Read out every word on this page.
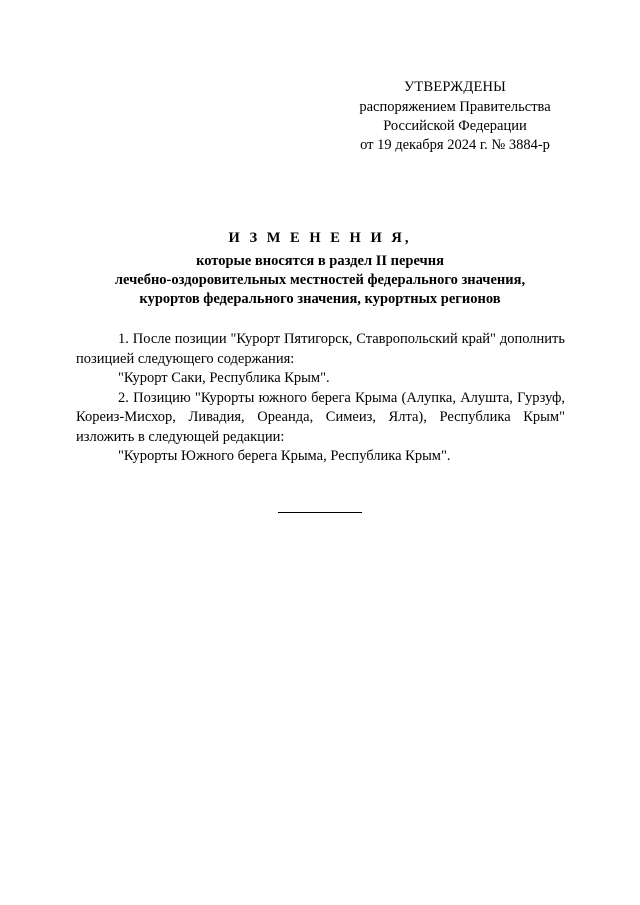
УТВЕРЖДЕНЫ
распоряжением Правительства
Российской Федерации
от 19 декабря 2024 г. № 3884-р
И З М Е Н Е Н И Я,
которые вносятся в раздел II перечня
лечебно-оздоровительных местностей федерального значения,
курортов федерального значения, курортных регионов

1. После позиции "Курорт Пятигорск, Ставропольский край" дополнить позицией следующего содержания:

"Курорт Саки, Республика Крым".

2. Позицию "Курорты южного берега Крыма (Алупка, Алушта, Гурзуф, Кореиз-Мисхор, Ливадия, Ореанда, Симеиз, Ялта), Республика Крым" изложить в следующей редакции:

"Курорты Южного берега Крыма, Республика Крым".
